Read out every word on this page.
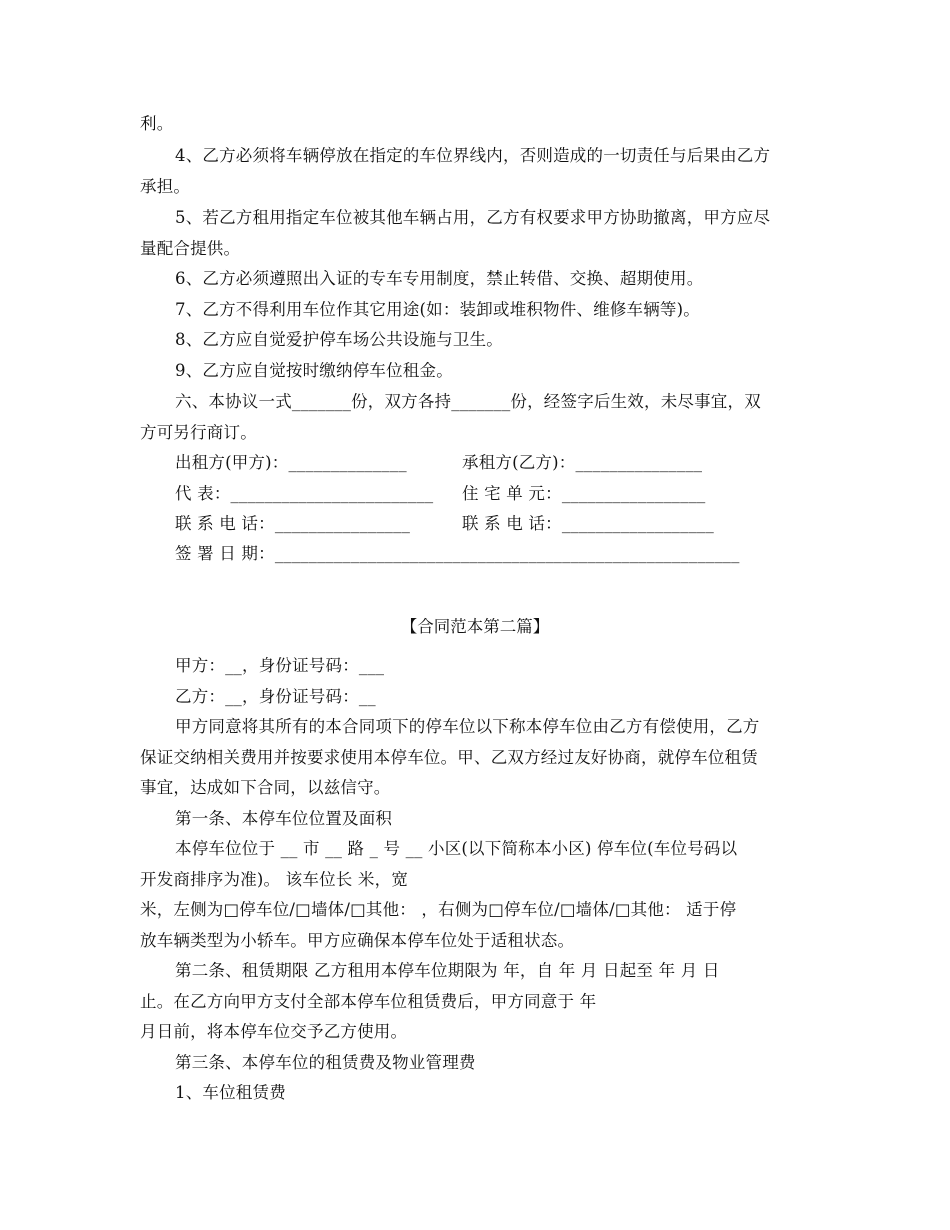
利。
4、乙方必须将车辆停放在指定的车位界线内，否则造成的一切责任与后果由乙方
承担。
5、若乙方租用指定车位被其他车辆占用，乙方有权要求甲方协助撤离，甲方应尽
量配合提供。
6、乙方必须遵照出入证的专车专用制度，禁止转借、交换、超期使用。
7、乙方不得利用车位作其它用途(如：装卸或堆积物件、维修车辆等)。
8、乙方应自觉爱护停车场公共设施与卫生。
9、乙方应自觉按时缴纳停车位租金。
六、本协议一式_______份，双方各持_______份，经签字后生效，未尽事宜，双
方可另行商订。
出租方(甲方)：______________	承租方(乙方)：_______________
代 表：________________________ 住 宅 单 元：_________________
联 系 电 话：________________	联 系 电 话：__________________
签 署 日 期：_______________________________________________________
【合同范本第二篇】
甲方：__，身份证号码：___
乙方：__，身份证号码：__
甲方同意将其所有的本合同项下的停车位以下称本停车位由乙方有偿使用，乙方
保证交纳相关费用并按要求使用本停车位。甲、乙双方经过友好协商，就停车位租赁
事宜，达成如下合同，以兹信守。
第一条、本停车位位置及面积
本停车位位于 __ 市 __ 路 _ 号 __ 小区(以下简称本小区) 停车位(车位号码以
开发商排序为准)。 该车位长 米，宽
米，左侧为□停车位/□墙体/□其他： ，右侧为□停车位/□墙体/□其他： 适于停
放车辆类型为小轿车。甲方应确保本停车位处于适租状态。
第二条、租赁期限 乙方租用本停车位期限为 年，自 年 月 日起至 年 月 日
止。在乙方向甲方支付全部本停车位租赁费后，甲方同意于 年
月日前，将本停车位交予乙方使用。
第三条、本停车位的租赁费及物业管理费
1、车位租赁费
